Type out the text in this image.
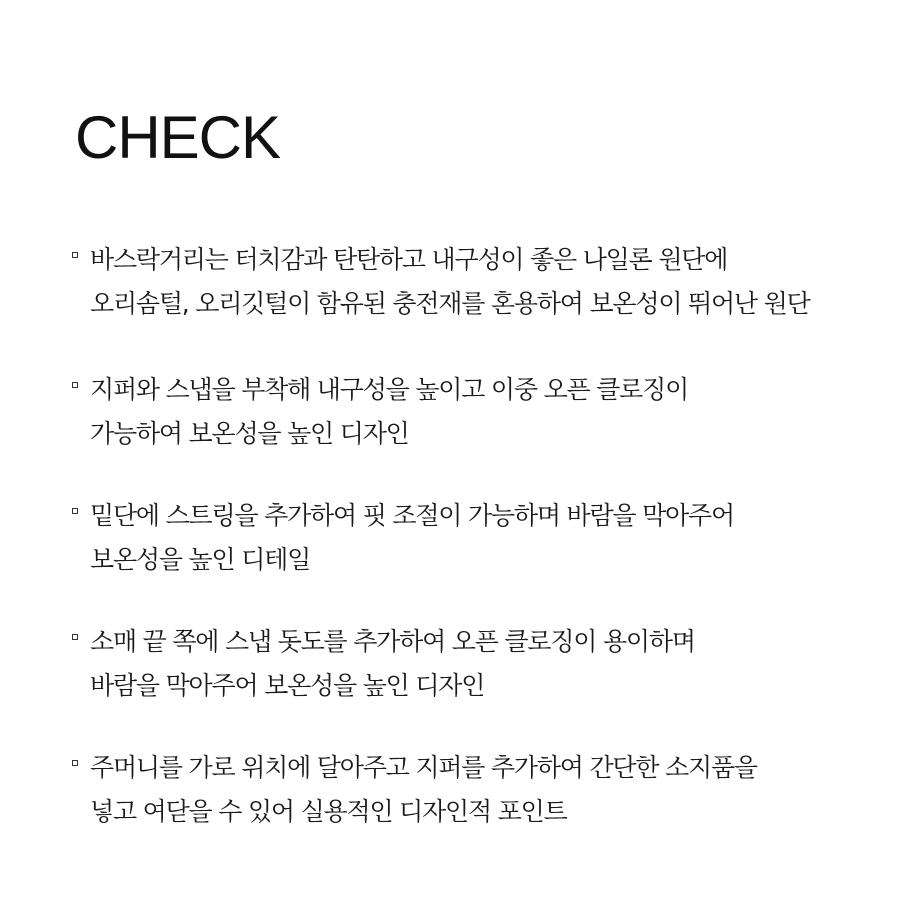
CHECK
바스락거리는 터치감과 탄탄하고 내구성이 좋은 나일론 원단에
오리솜털, 오리깃털이 함유된 충전재를 혼용하여 보온성이 뛰어난 원단
지퍼와 스냅을 부착해 내구성을 높이고 이중 오픈 클로징이
가능하여 보온성을 높인 디자인
밑단에 스트링을 추가하여 핏 조절이 가능하며 바람을 막아주어
보온성을 높인 디테일
소매 끝 쪽에 스냅 돗도를 추가하여 오픈 클로징이 용이하며
바람을 막아주어 보온성을 높인 디자인
주머니를 가로 위치에 달아주고 지퍼를 추가하여 간단한 소지품을
넣고 여닫을 수 있어 실용적인 디자인적 포인트
